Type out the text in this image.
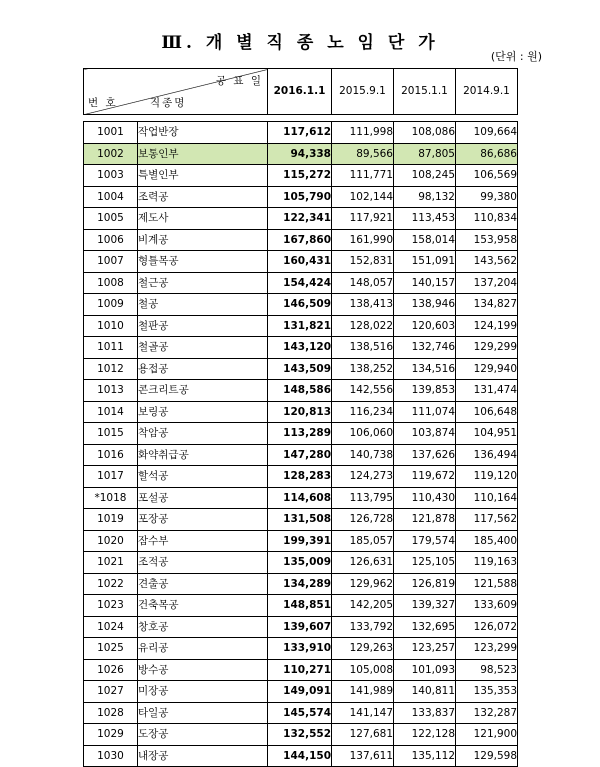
Ⅲ. 개 별 직 종 노 임 단 가
(단위 : 원)
공 표 일
번 호 직종명		2016.1.1	2015.9.1	2015.1.1	2014.9.1

1001	작업반장	117,612	111,998	108,086	109,664
1002	보통인부	94,338	89,566	87,805	86,686
1003	특별인부	115,272	111,771	108,245	106,569
1004	조력공	105,790	102,144	98,132	99,380
1005	제도사	122,341	117,921	113,453	110,834
1006	비계공	167,860	161,990	158,014	153,958
1007	형틀목공	160,431	152,831	151,091	143,562
1008	철근공	154,424	148,057	140,157	137,204
1009	철공	146,509	138,413	138,946	134,827
1010	철판공	131,821	128,022	120,603	124,199
1011	철골공	143,120	138,516	132,746	129,299
1012	용접공	143,509	138,252	134,516	129,940
1013	콘크리트공	148,586	142,556	139,853	131,474
1014	보링공	120,813	116,234	111,074	106,648
1015	착암공	113,289	106,060	103,874	104,951
1016	화약취급공	147,280	140,738	137,626	136,494
1017	할석공	128,283	124,273	119,672	119,120
*1018	포설공	114,608	113,795	110,430	110,164
1019	포장공	131,508	126,728	121,878	117,562
1020	잠수부	199,391	185,057	179,574	185,400
1021	조적공	135,009	126,631	125,105	119,163
1022	견출공	134,289	129,962	126,819	121,588
1023	건축목공	148,851	142,205	139,327	133,609
1024	창호공	139,607	133,792	132,695	126,072
1025	유리공	133,910	129,263	123,257	123,299
1026	방수공	110,271	105,008	101,093	98,523
1027	미장공	149,091	141,989	140,811	135,353
1028	타일공	145,574	141,147	133,837	132,287
1029	도장공	132,552	127,681	122,128	121,900
1030	내장공	144,150	137,611	135,112	129,598
